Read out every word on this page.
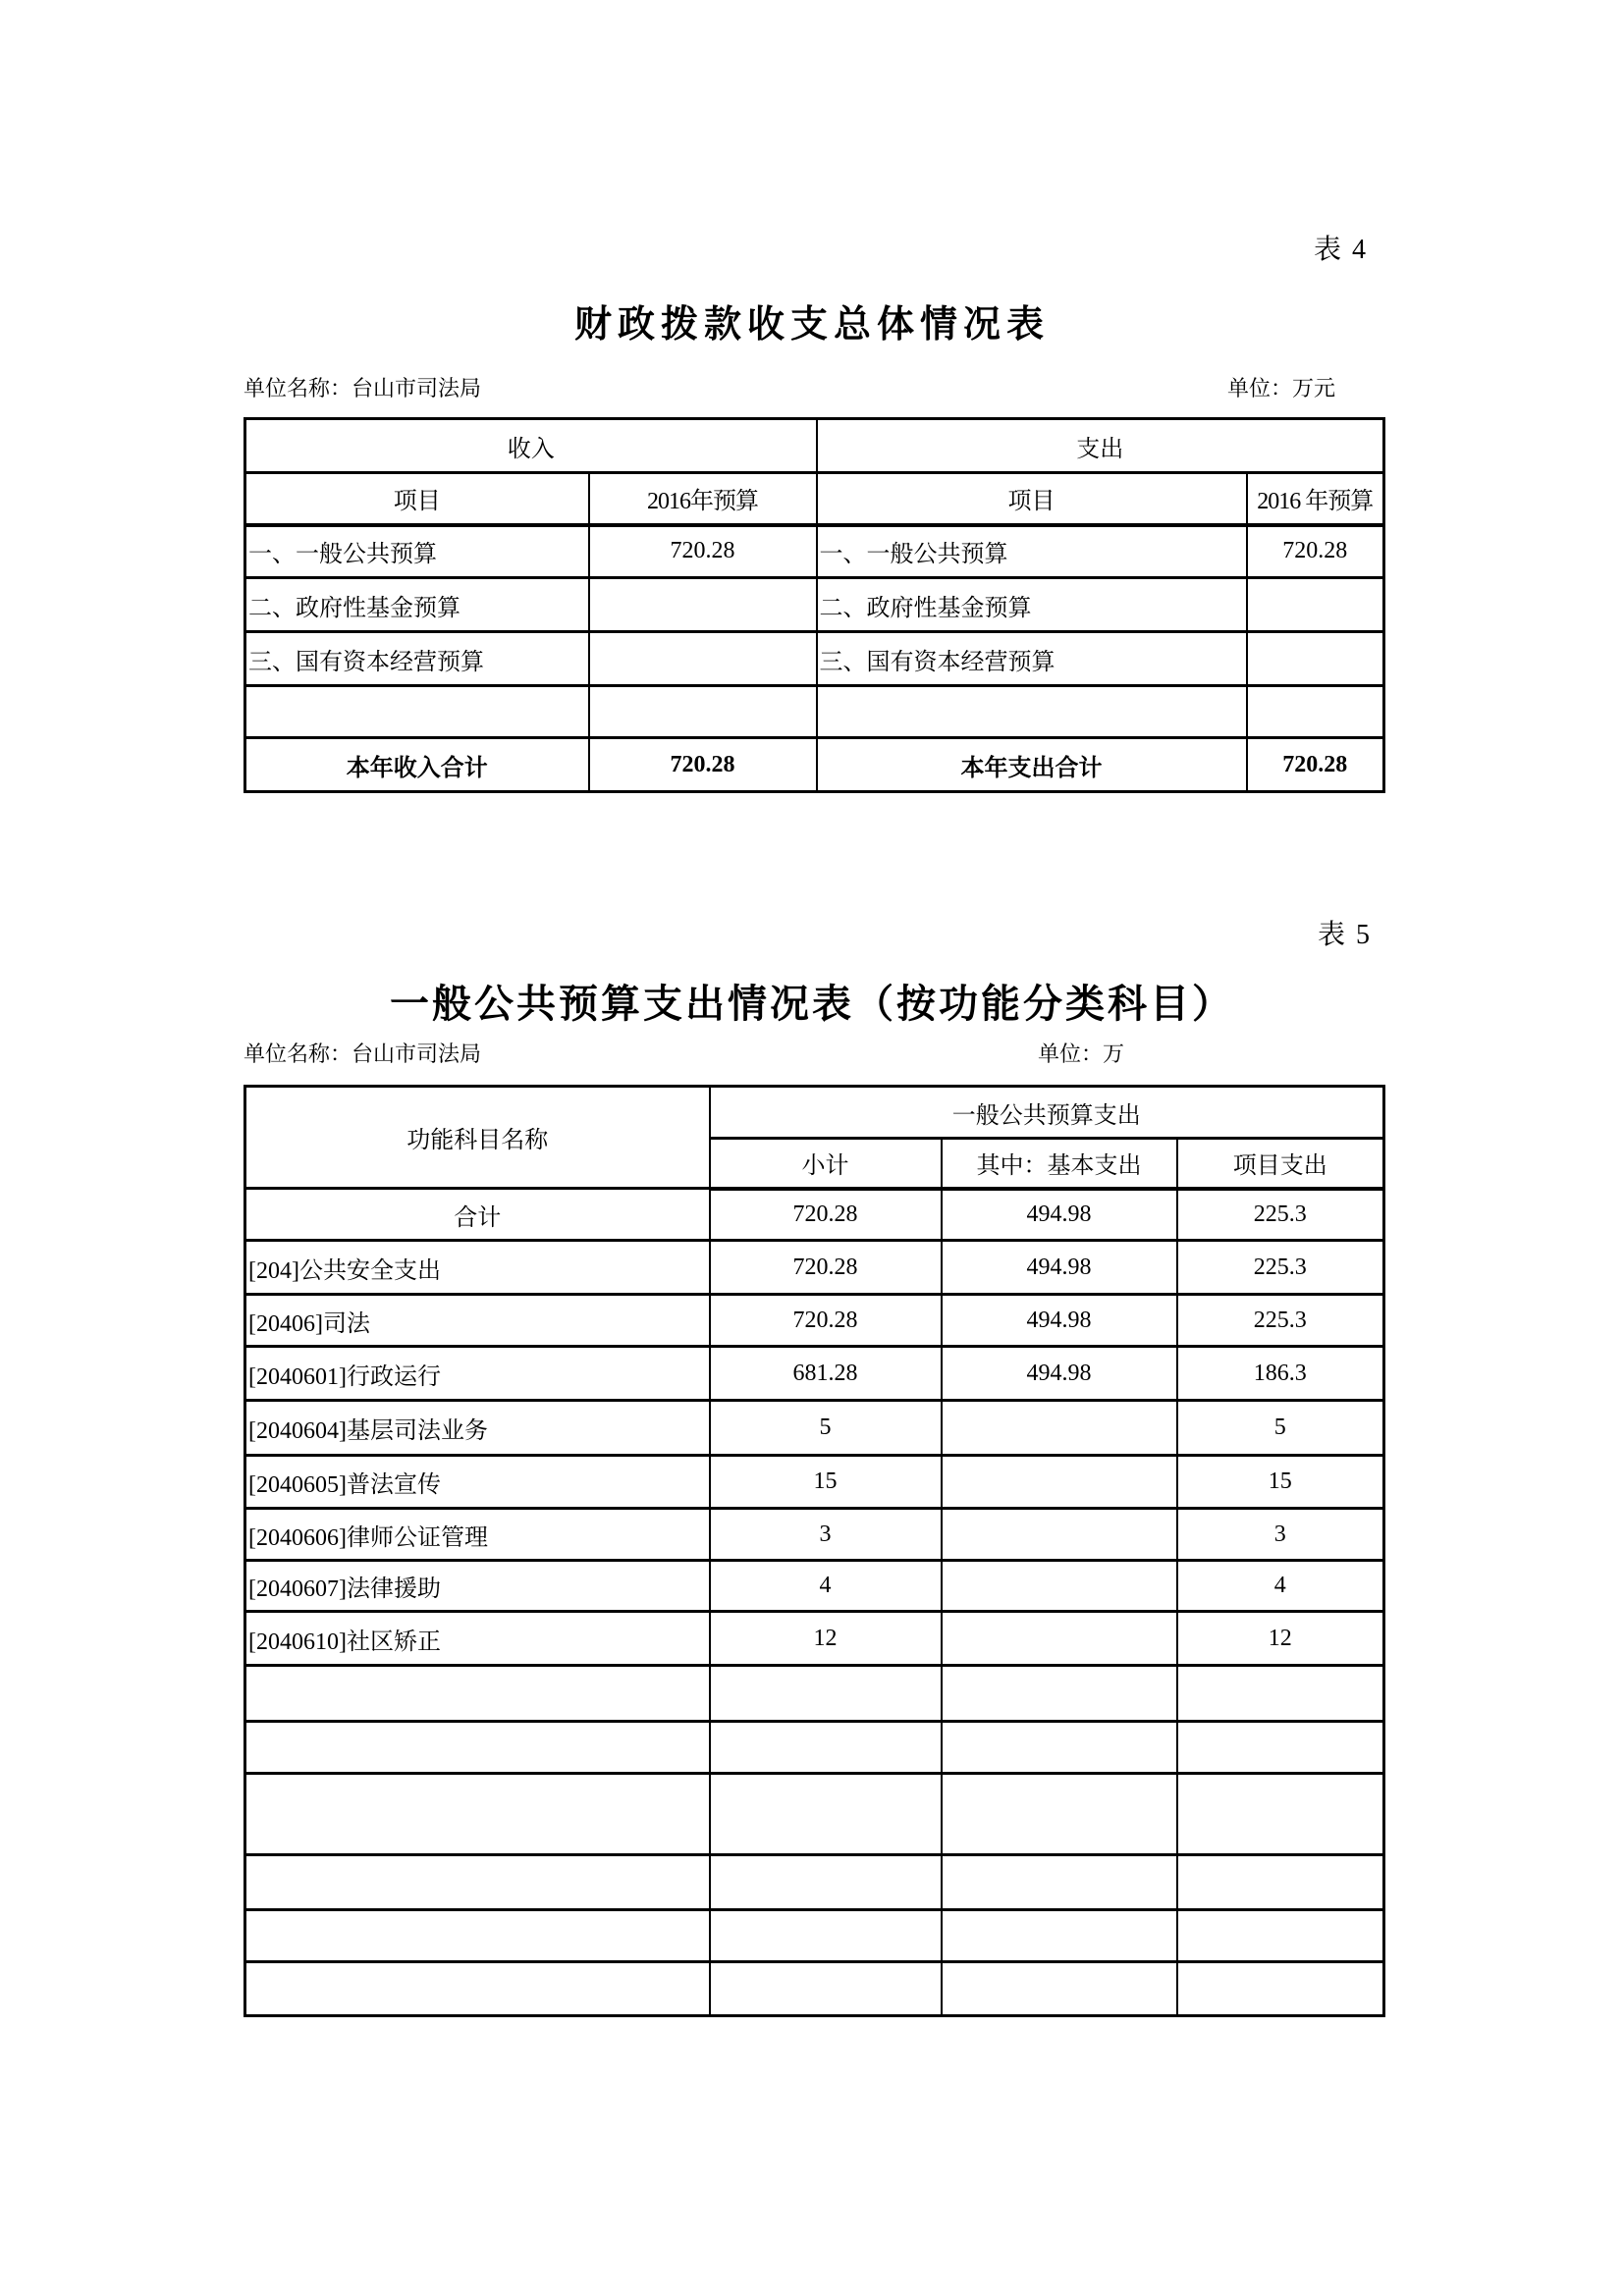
表 4
财政拨款收支总体情况表
单位名称：台山市司法局	单位：万元
收入		支出	
项目	2016年预算	项目	2016 年预算
一、一般公共预算	720.28	一、一般公共预算	720.28
二、政府性基金预算		二、政府性基金预算	
三、国有资本经营预算		三、国有资本经营预算	

本年收入合计	720.28	本年支出合计	720.28
表 5
一般公共预算支出情况表（按功能分类科目）
单位名称：台山市司法局	单位：万
功能科目名称	一般公共预算支出		
	小计	其中：基本支出	项目支出
合计	720.28	494.98	225.3
[204]公共安全支出	720.28	494.98	225.3
[20406]司法	720.28	494.98	225.3
[2040601]行政运行	681.28	494.98	186.3
[2040604]基层司法业务	5		5
[2040605]普法宣传	15		15
[2040606]律师公证管理	3		3
[2040607]法律援助	4		4
[2040610]社区矫正	12		12
